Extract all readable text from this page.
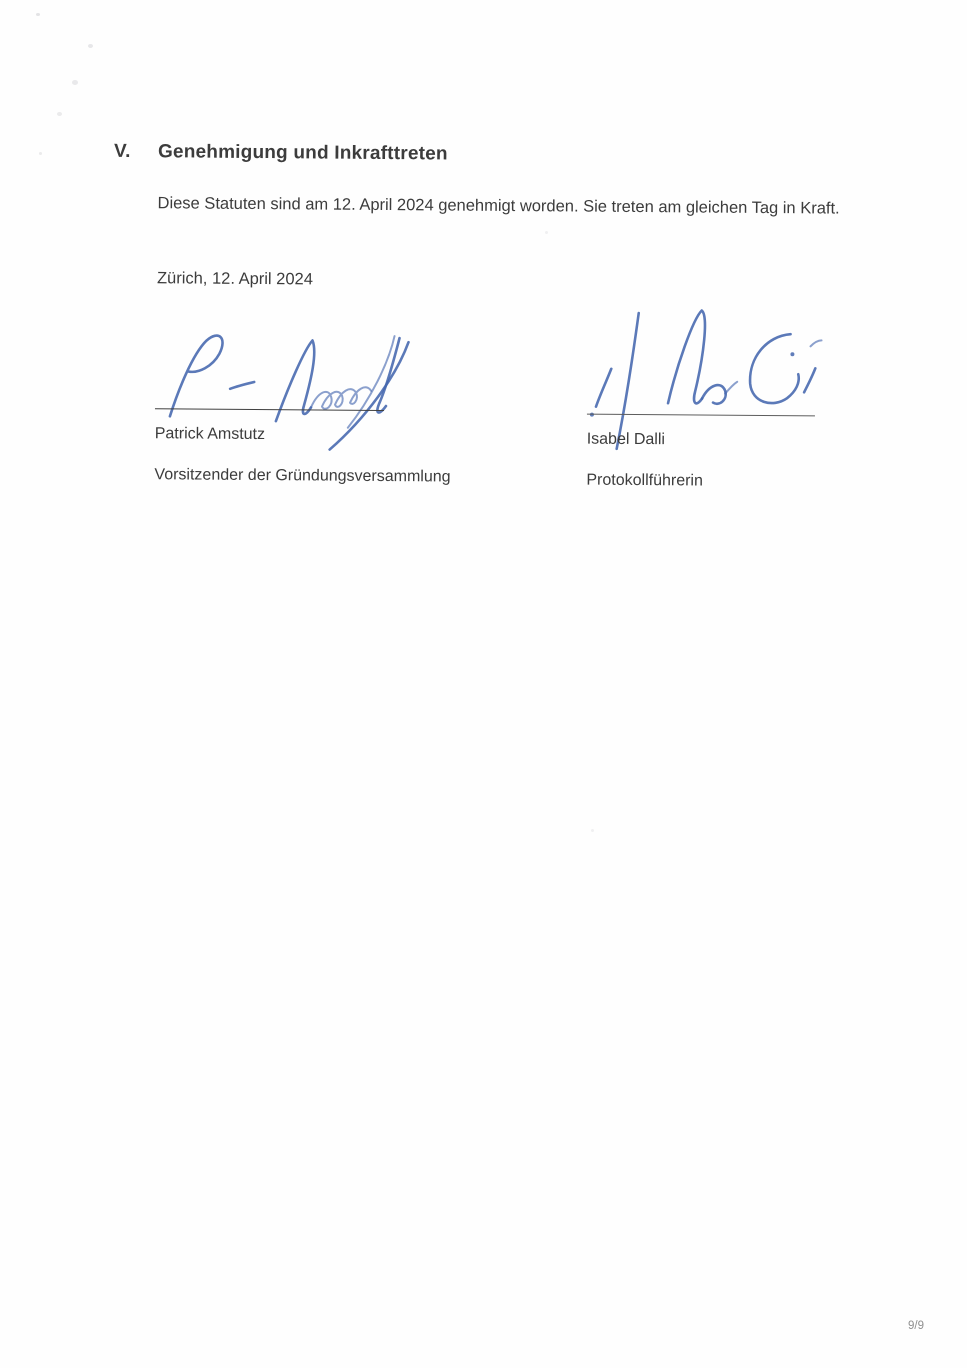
V.	Genehmigung und Inkrafttreten

Diese Statuten sind am 12. April 2024 genehmigt worden. Sie treten am gleichen Tag in Kraft.

Zürich, 12. April 2024

Patrick Amstutz

Vorsitzender der Gründungsversammlung

Isabel Dalli

Protokollführerin

9/9
